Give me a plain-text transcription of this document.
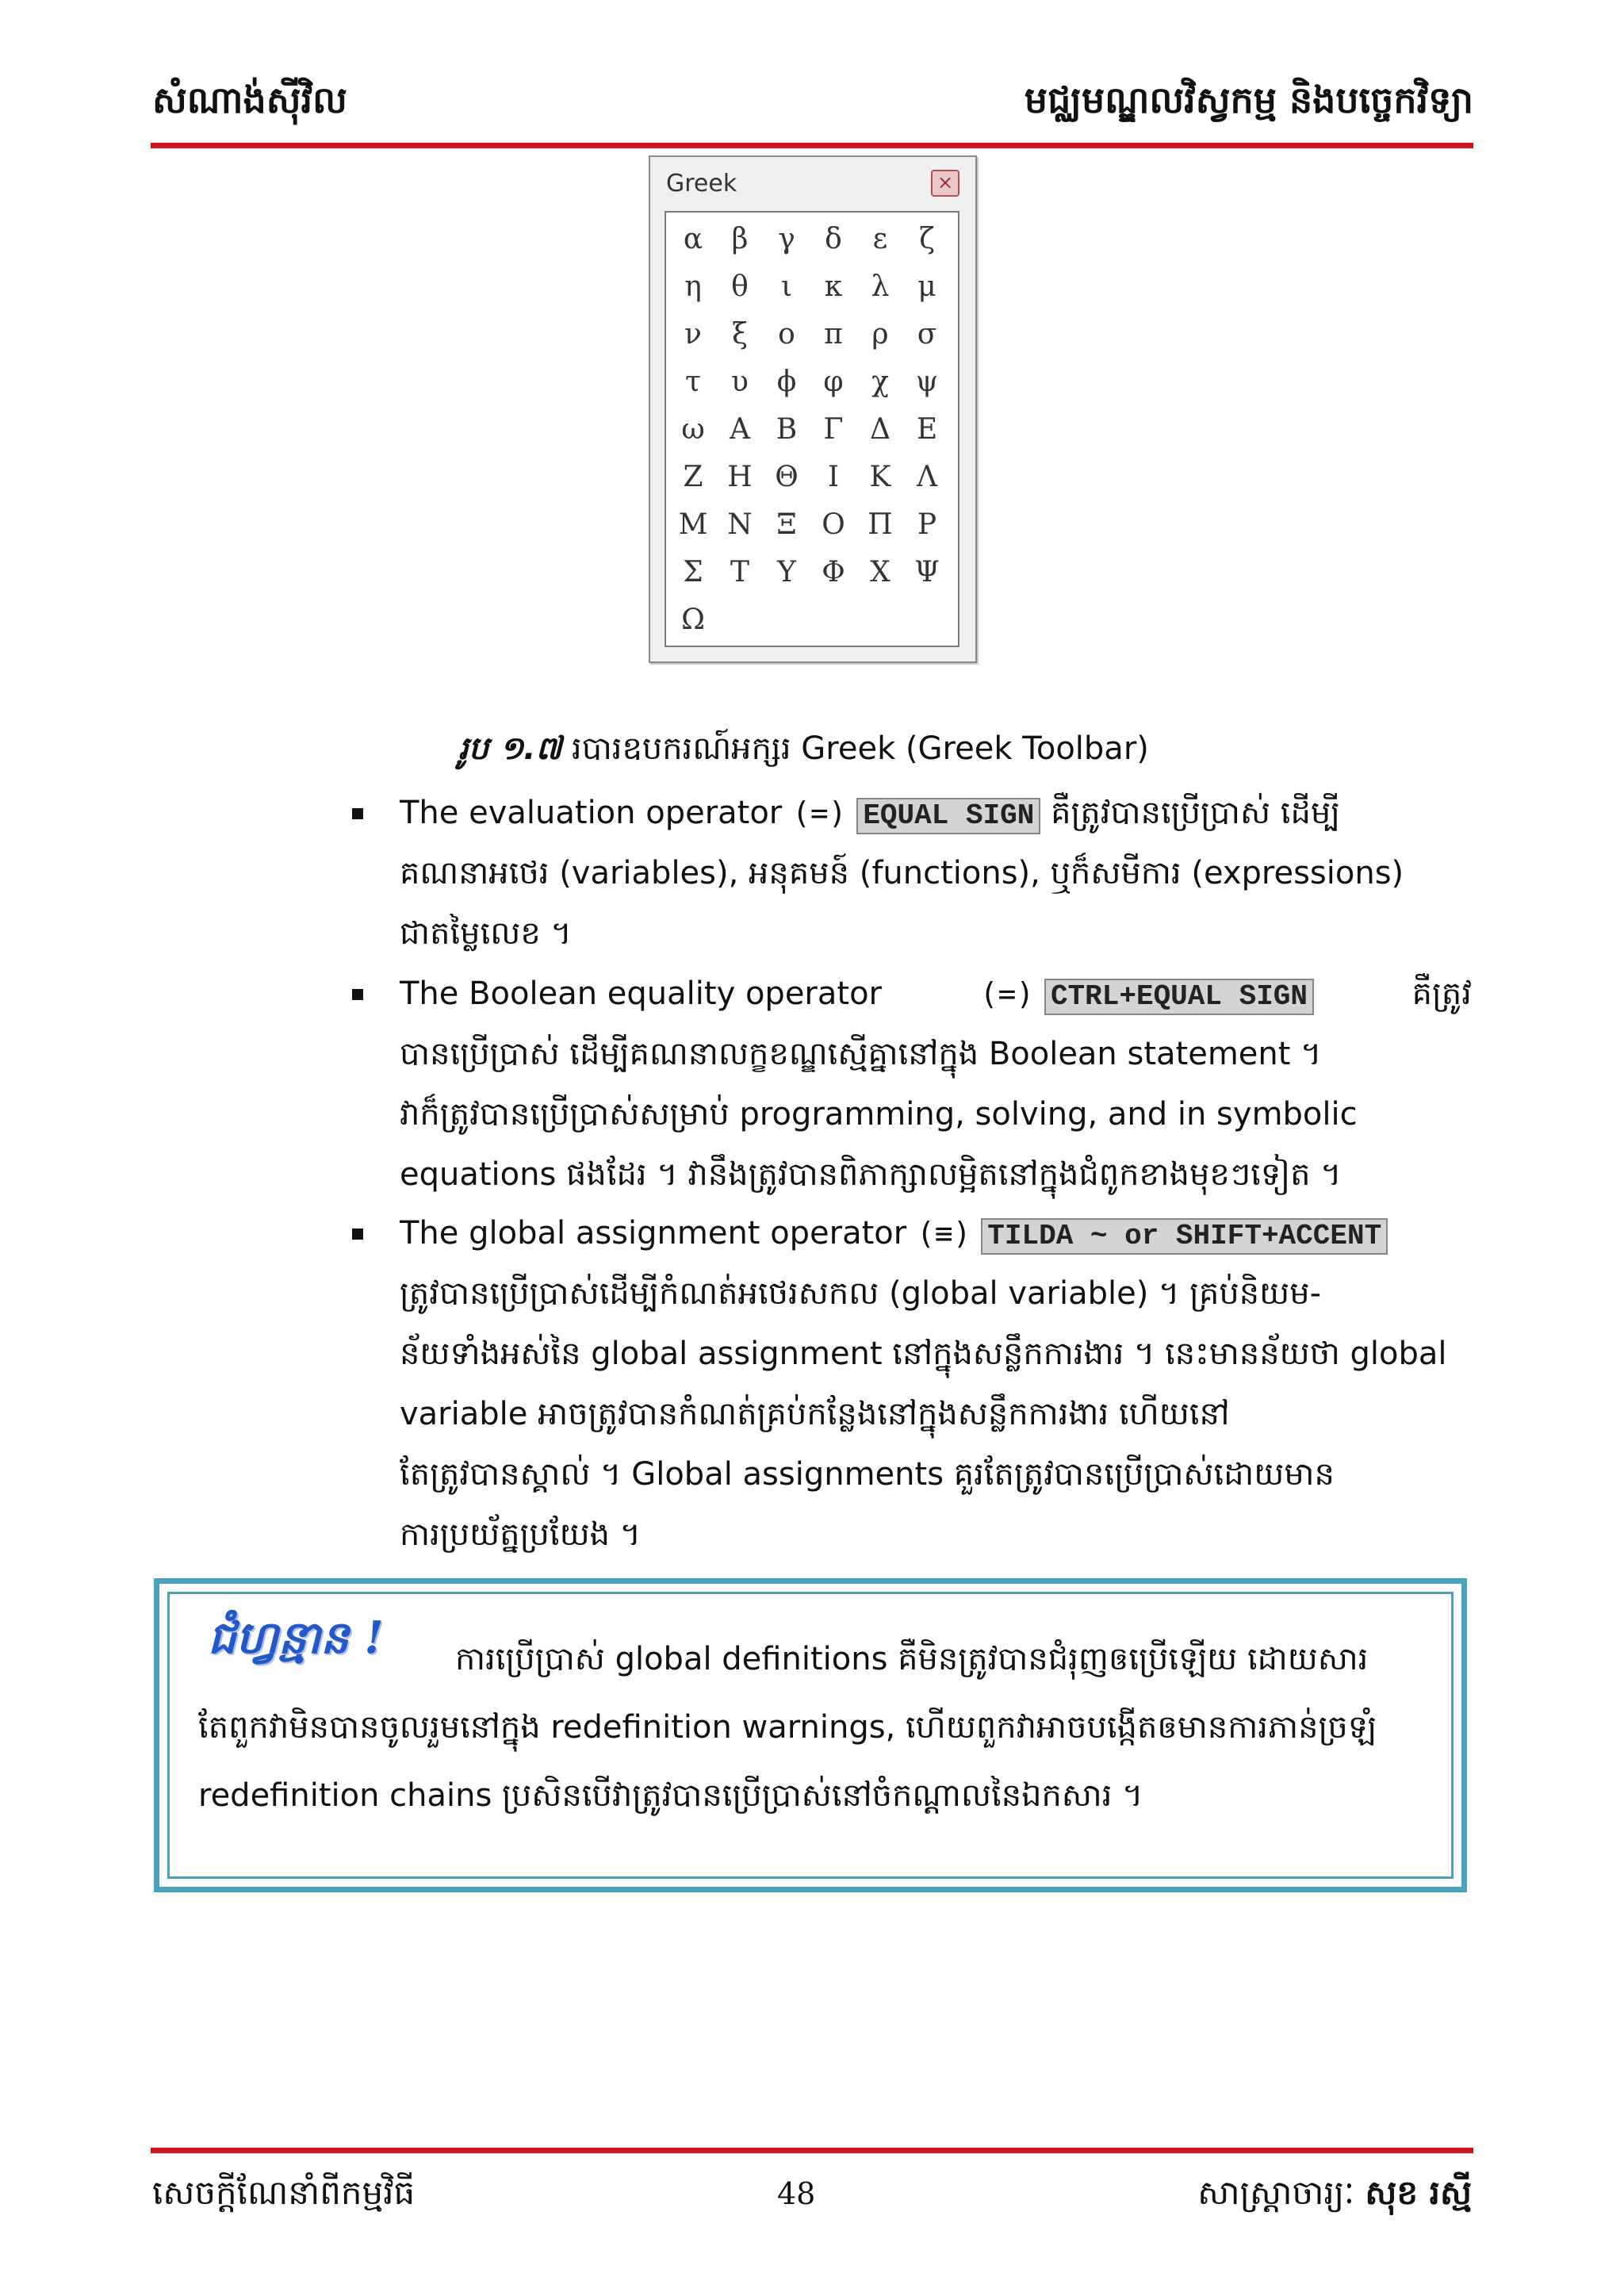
សំណាង់ស៊ីវិល	មជ្ឈមណ្ឌលវិស្វកម្ម និងបច្ចេកវិទ្យា
Greek	×
α	β	γ	δ	ε	ζ
η	θ	ι	κ	λ μ
ν	ξ	ο	π	ρ	σ
τ	υ ϕ φ χ ψ
ω Α Β Γ Δ Ε
Ζ Η Θ	Ι	Κ Λ
Μ Ν Ξ Ο Π Ρ
Σ Τ Υ Φ Χ Ψ
Ω
រូប ១.៧ របារឧបករណ៍អក្សរ Greek (Greek Toolbar)
The evaluation operator (=) EQUAL SIGN គឺត្រូវបានប្រើប្រាស់ ដើម្បី
គណនាអថេរ (variables), អនុគមន៍ (functions), ឬក៏សមីការ (expressions)
ជាតម្លៃលេខ ។
The Boolean equality operator	(=) CTRL+EQUAL SIGN	គឺត្រូវ
បានប្រើប្រាស់ ដើម្បីគណនាលក្ខខណ្ឌស្មើគ្នានៅក្នុង Boolean statement ។
វាក៏ត្រូវបានប្រើប្រាស់សម្រាប់ programming, solving, and in symbolic
equations ផងដែរ ។ វានឹងត្រូវបានពិភាក្សាលម្អិតនៅក្នុងជំពូកខាងមុខៗទៀត ។
The global assignment operator (≡) TILDA ~ or SHIFT+ACCENT
ត្រូវបានប្រើប្រាស់ដើម្បីកំណត់អថេរសកល (global variable) ។ គ្រប់និយម-
ន័យទាំងអស់នៃ global assignment នៅក្នុងសន្លឹកការងារ ។ នេះមានន័យថា global
variable អាចត្រូវបានកំណត់គ្រប់កន្លែងនៅក្នុងសន្លឹកការងារ ហើយនៅ
តែត្រូវបានស្គាល់ ។ Global assignments គួរតែត្រូវបានប្រើប្រាស់ដោយមាន
ការប្រយ័ត្នប្រយែង ។
ជំហ្វន្មាន ! ការប្រើប្រាស់ global definitions គឺមិនត្រូវបានជំរុញឲប្រើឡើយ ដោយសារ
តែពួកវាមិនបានចូលរួមនៅក្នុង redefinition warnings, ហើយពួកវាអាចបង្កើតឲមានការភាន់ច្រឡំ
redefinition chains ប្រសិនបើវាត្រូវបានប្រើប្រាស់នៅចំកណ្ដាលនៃឯកសារ ។
សេចក្តីណែនាំពីកម្មវិធី	48	សាស្ត្រាចារ្យៈ សុខ រស្មី
